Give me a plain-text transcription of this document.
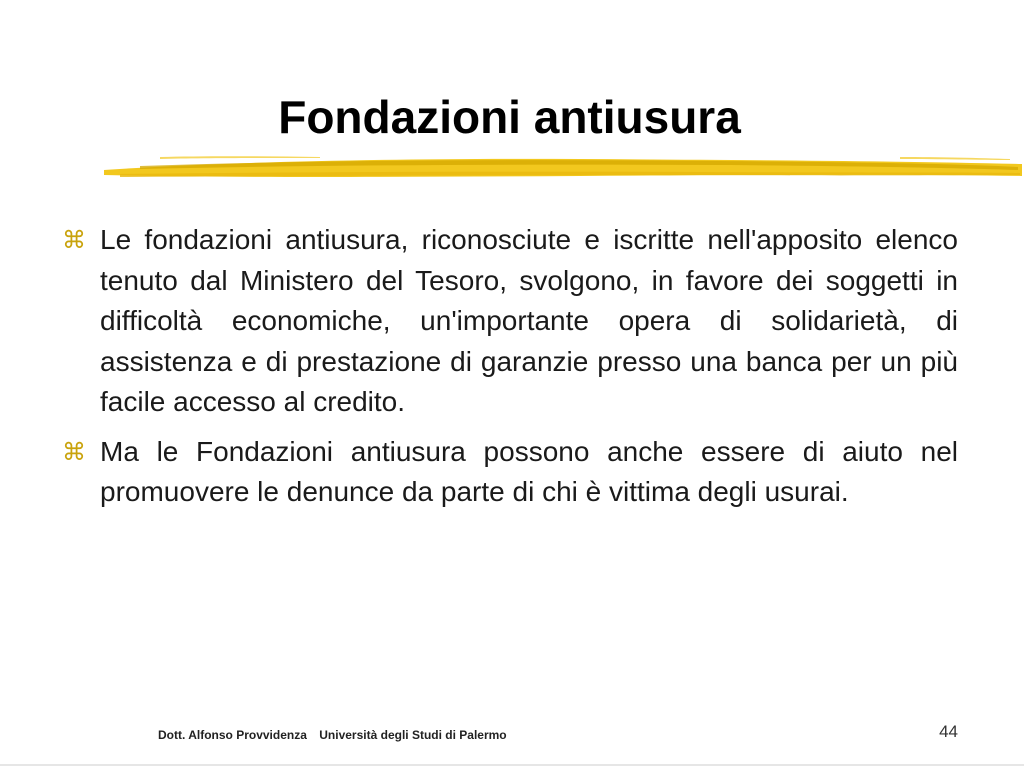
Fondazioni antiusura
⌘ Le fondazioni antiusura, riconosciute e iscritte nell'apposito elenco tenuto dal Ministero del Tesoro, svolgono, in favore dei soggetti in difficoltà economiche, un'importante opera di solidarietà, di assistenza e di prestazione di garanzie presso una banca per un più facile accesso al credito.
⌘ Ma le Fondazioni antiusura possono anche essere di aiuto nel promuovere le denunce da parte di chi è vittima degli usurai.
Dott. Alfonso Provvidenza Università degli Studi di Palermo	44
